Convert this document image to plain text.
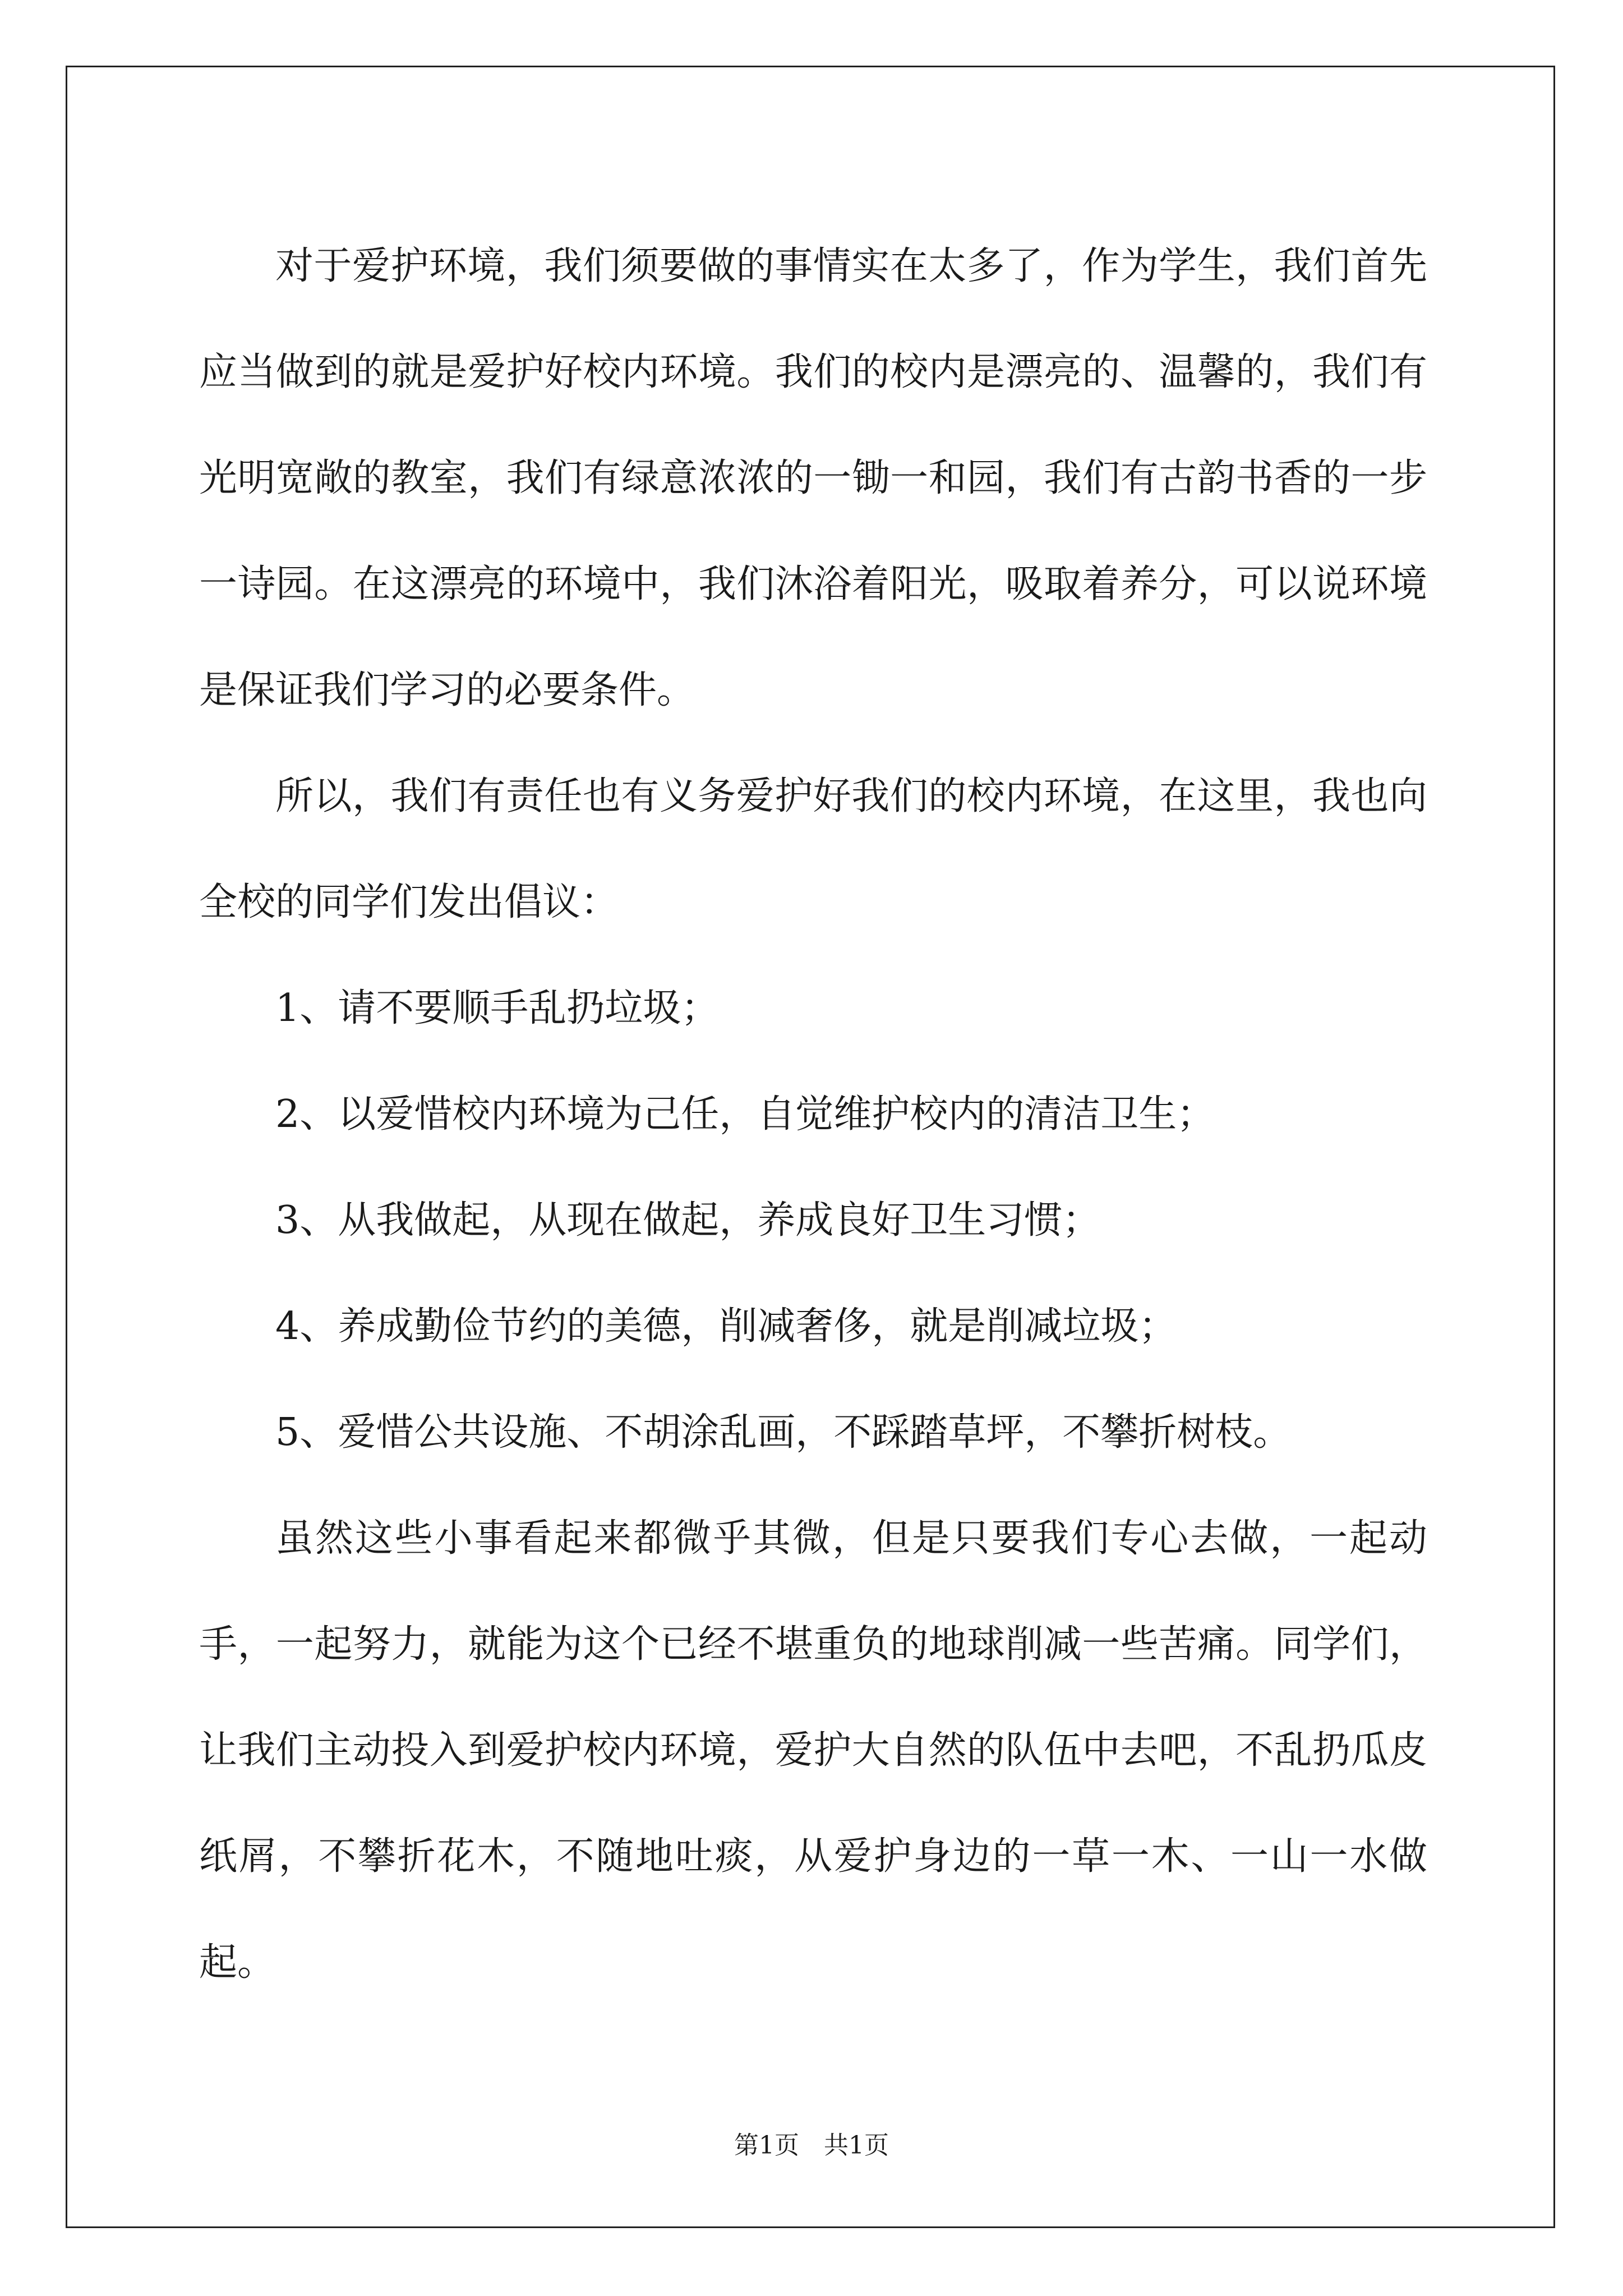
对于爱护环境，我们须要做的事情实在太多了，作为学生，我们首先应当做到的就是爱护好校内环境。我们的校内是漂亮的、温馨的，我们有光明宽敞的教室，我们有绿意浓浓的一锄一和园，我们有古韵书香的一步一诗园。在这漂亮的环境中，我们沐浴着阳光，吸取着养分，可以说环境是保证我们学习的必要条件。

所以，我们有责任也有义务爱护好我们的校内环境，在这里，我也向全校的同学们发出倡议：

1、请不要顺手乱扔垃圾；

2、以爱惜校内环境为己任，自觉维护校内的清洁卫生；

3、从我做起，从现在做起，养成良好卫生习惯；

4、养成勤俭节约的美德，削减奢侈，就是削减垃圾；

5、爱惜公共设施、不胡涂乱画，不踩踏草坪，不攀折树枝。

虽然这些小事看起来都微乎其微，但是只要我们专心去做，一起动手，一起努力，就能为这个已经不堪重负的地球削减一些苦痛。同学们，让我们主动投入到爱护校内环境，爱护大自然的队伍中去吧，不乱扔瓜皮纸屑，不攀折花木，不随地吐痰，从爱护身边的一草一木、一山一水做起。

第1页 共1页
